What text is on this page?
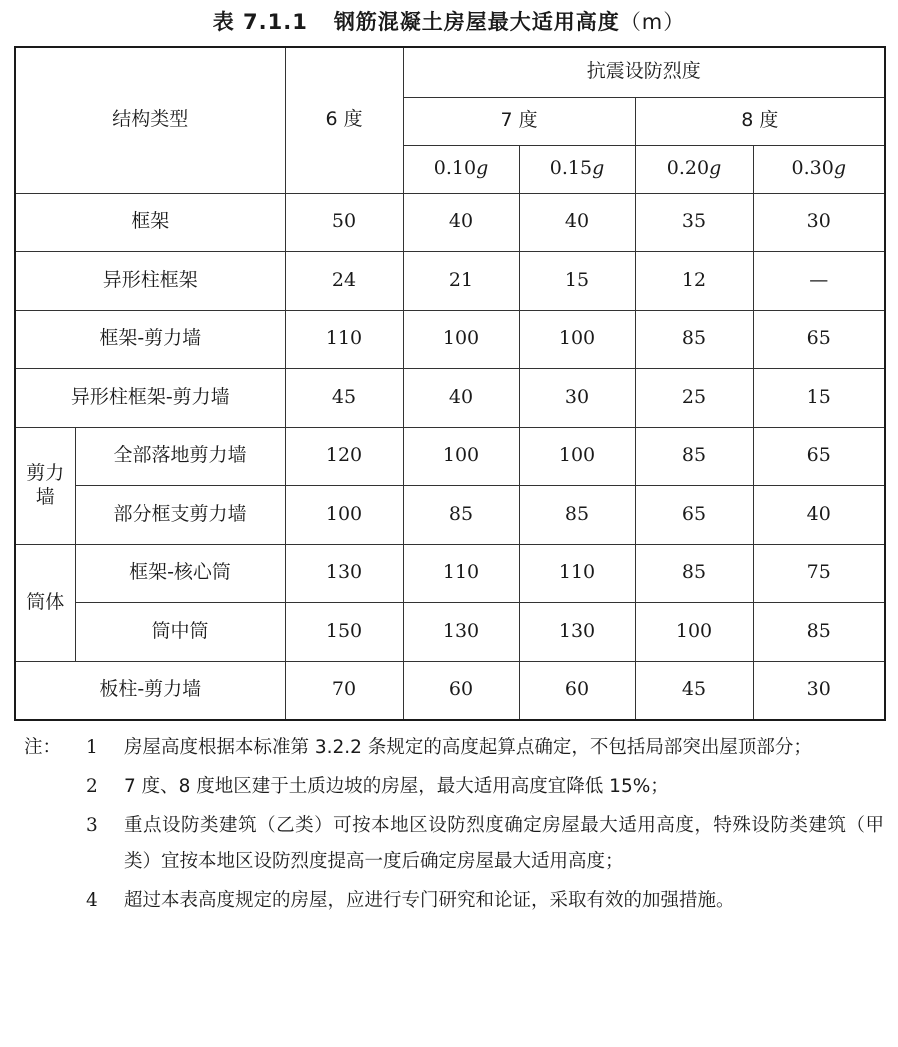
表 7.1.1 钢筋混凝土房屋最大适用高度（m）
结构类型		6 度	抗震设防烈度			
			7 度		8 度	
			0.10g	0.15g	0.20g	0.30g
框架		50	40	40	35	30
异形柱框架		24	21	15	12	—
框架-剪力墙		110	100	100	85	65
异形柱框架-剪力墙		45	40	30	25	15
剪力墙	全部落地剪力墙	120	100	100	85	65
	部分框支剪力墙	100	85	85	65	40
筒体	框架-核心筒	130	110	110	85	75
	筒中筒	150	130	130	100	85
板柱-剪力墙		70	60	60	45	30
注：	1 房屋高度根据本标准第 3.2.2 条规定的高度起算点确定，不包括局部突出屋顶部分；
2 7 度、8 度地区建于土质边坡的房屋，最大适用高度宜降低 15%；
3 重点设防类建筑（乙类）可按本地区设防烈度确定房屋最大适用高度，特殊设防类建筑（甲类）宜按本地区设防烈度提高一度后确定房屋最大适用高度；
4 超过本表高度规定的房屋，应进行专门研究和论证，采取有效的加强措施。
